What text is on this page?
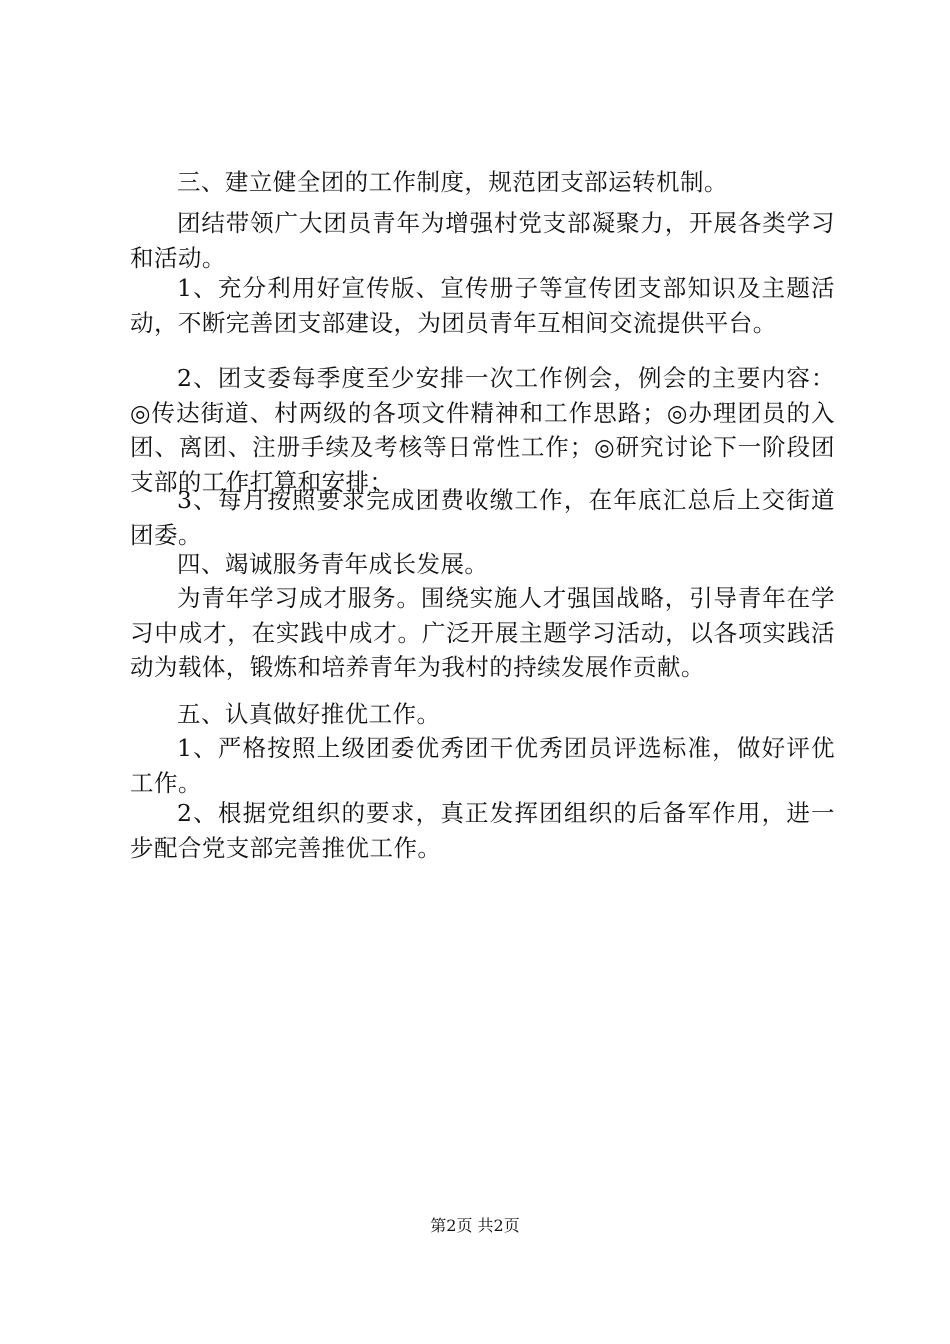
三、建立健全团的工作制度，规范团支部运转机制。

团结带领广大团员青年为增强村党支部凝聚力，开展各类学习和活动。

1、充分利用好宣传版、宣传册子等宣传团支部知识及主题活动，不断完善团支部建设，为团员青年互相间交流提供平台。

2、团支委每季度至少安排一次工作例会，例会的主要内容：◎传达街道、村两级的各项文件精神和工作思路；◎办理团员的入团、离团、注册手续及考核等日常性工作；◎研究讨论下一阶段团支部的工作打算和安排；

3、每月按照要求完成团费收缴工作，在年底汇总后上交街道团委。

四、竭诚服务青年成长发展。

为青年学习成才服务。围绕实施人才强国战略，引导青年在学习中成才，在实践中成才。广泛开展主题学习活动，以各项实践活动为载体，锻炼和培养青年为我村的持续发展作贡献。

五、认真做好推优工作。

1、严格按照上级团委优秀团干优秀团员评选标准，做好评优工作。

2、根据党组织的要求，真正发挥团组织的后备军作用，进一步配合党支部完善推优工作。

第2页 共2页
